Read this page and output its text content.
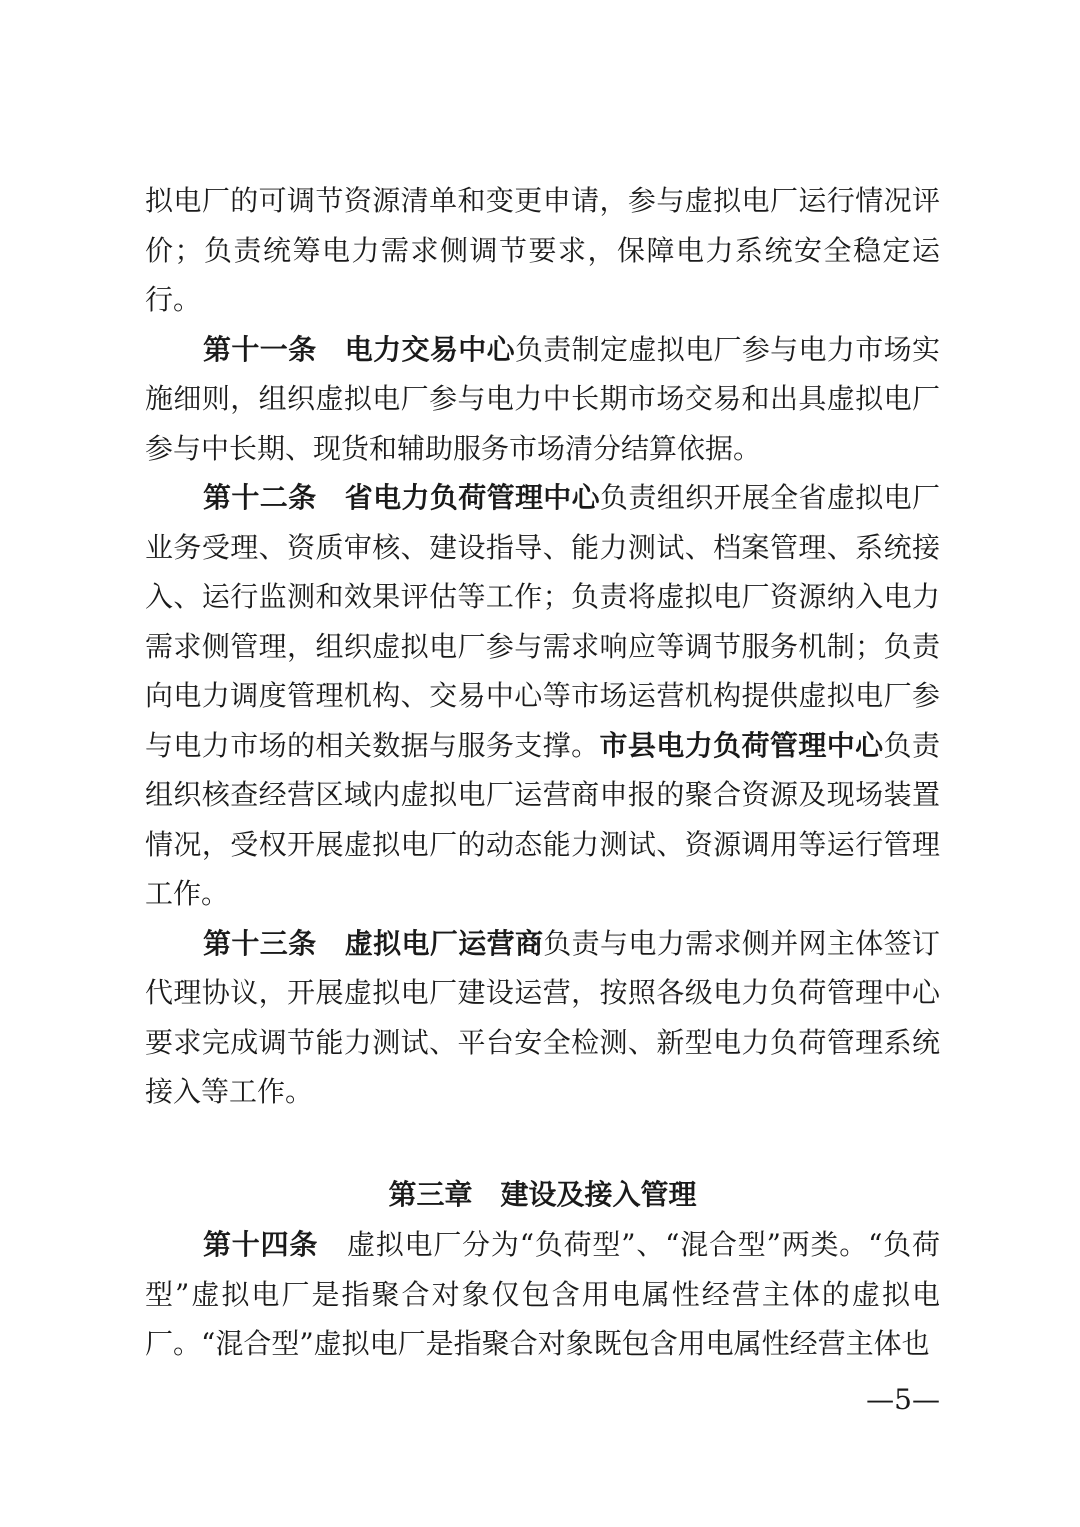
拟电厂的可调节资源清单和变更申请，参与虚拟电厂运行情况评价；负责统筹电力需求侧调节要求，保障电力系统安全稳定运行。

第十一条 电力交易中心负责制定虚拟电厂参与电力市场实施细则，组织虚拟电厂参与电力中长期市场交易和出具虚拟电厂参与中长期、现货和辅助服务市场清分结算依据。

第十二条 省电力负荷管理中心负责组织开展全省虚拟电厂业务受理、资质审核、建设指导、能力测试、档案管理、系统接入、运行监测和效果评估等工作；负责将虚拟电厂资源纳入电力需求侧管理，组织虚拟电厂参与需求响应等调节服务机制；负责向电力调度管理机构、交易中心等市场运营机构提供虚拟电厂参与电力市场的相关数据与服务支撑。市县电力负荷管理中心负责组织核查经营区域内虚拟电厂运营商申报的聚合资源及现场装置情况，受权开展虚拟电厂的动态能力测试、资源调用等运行管理工作。

第十三条 虚拟电厂运营商负责与电力需求侧并网主体签订代理协议，开展虚拟电厂建设运营，按照各级电力负荷管理中心要求完成调节能力测试、平台安全检测、新型电力负荷管理系统接入等工作。

第三章 建设及接入管理

第十四条 虚拟电厂分为“负荷型”、“混合型”两类。“负荷型”虚拟电厂是指聚合对象仅包含用电属性经营主体的虚拟电厂。“混合型”虚拟电厂是指聚合对象既包含用电属性经营主体也

—5—
